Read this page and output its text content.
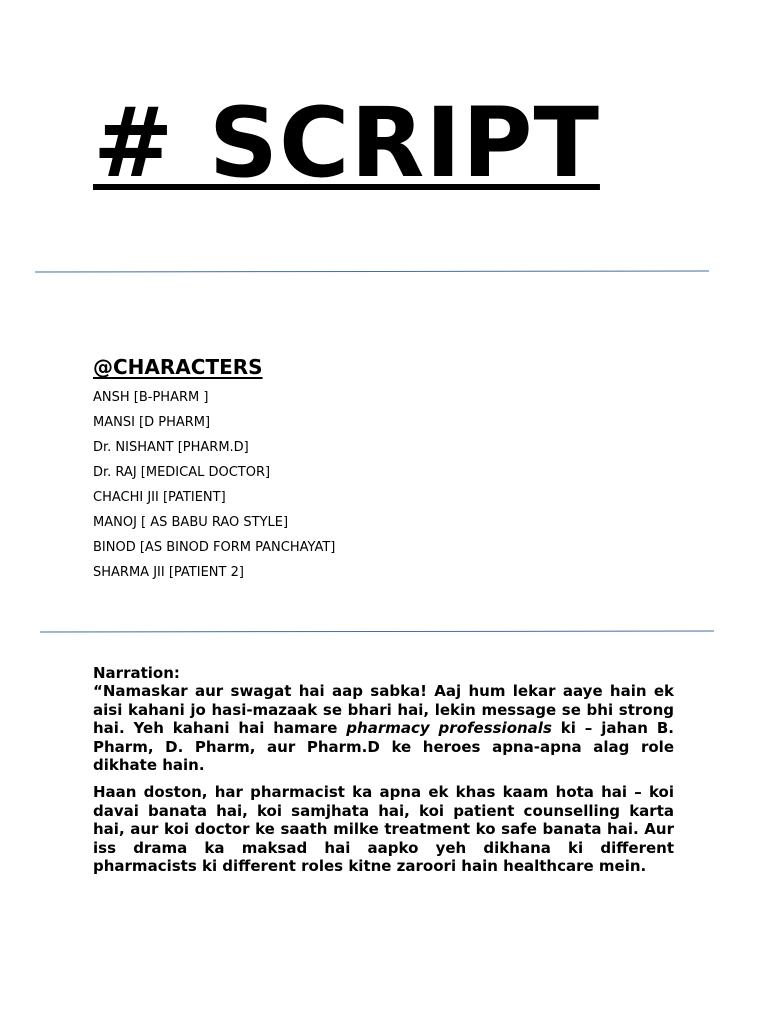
# SCRIPT
@CHARACTERS
ANSH [B-PHARM ]
MANSI [D PHARM]
Dr. NISHANT [PHARM.D]
Dr. RAJ [MEDICAL DOCTOR]
CHACHI JII [PATIENT]
MANOJ [ AS BABU RAO STYLE]
BINOD [AS BINOD FORM PANCHAYAT]
SHARMA JII [PATIENT 2]

Narration:
“Namaskar aur swagat hai aap sabka! Aaj hum lekar aaye hain ek aisi kahani jo hasi-mazaak se bhari hai, lekin message se bhi strong hai. Yeh kahani hai hamare pharmacy professionals ki – jahan B. Pharm, D. Pharm, aur Pharm.D ke heroes apna-apna alag role dikhate hain.

Haan doston, har pharmacist ka apna ek khas kaam hota hai – koi davai banata hai, koi samjhata hai, koi patient counselling karta hai, aur koi doctor ke saath milke treatment ko safe banata hai. Aur iss drama ka maksad hai aapko yeh dikhana ki different pharmacists ki different roles kitne zaroori hain healthcare mein.
